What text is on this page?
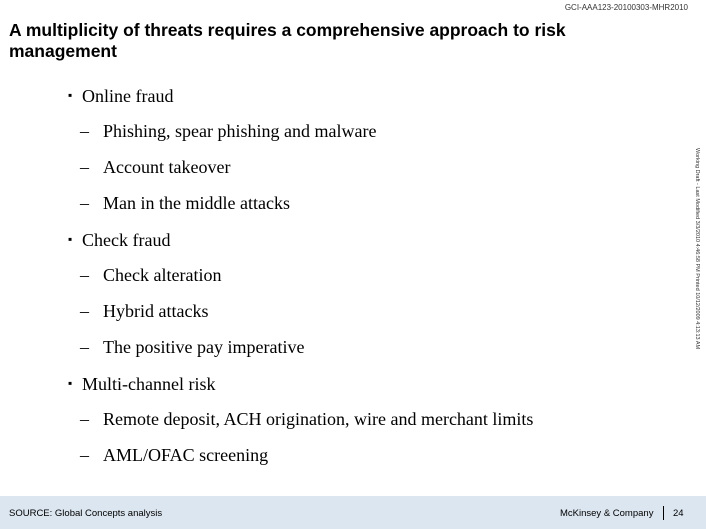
GCI-AAA123-20100303-MHR2010
A multiplicity of threats requires a comprehensive approach to risk management
▪ Online fraud
– Phishing, spear phishing and malware
– Account takeover
– Man in the middle attacks
▪ Check fraud
– Check alteration
– Hybrid attacks
– The positive pay imperative
▪ Multi-channel risk
– Remote deposit, ACH origination, wire and merchant limits
– AML/OFAC screening
Working Draft - Last Modified 3/3/2010 4:46:58 PM Printed 10/12/2009 4:13:13 AM
SOURCE: Global Concepts analysis	McKinsey & Company 24
